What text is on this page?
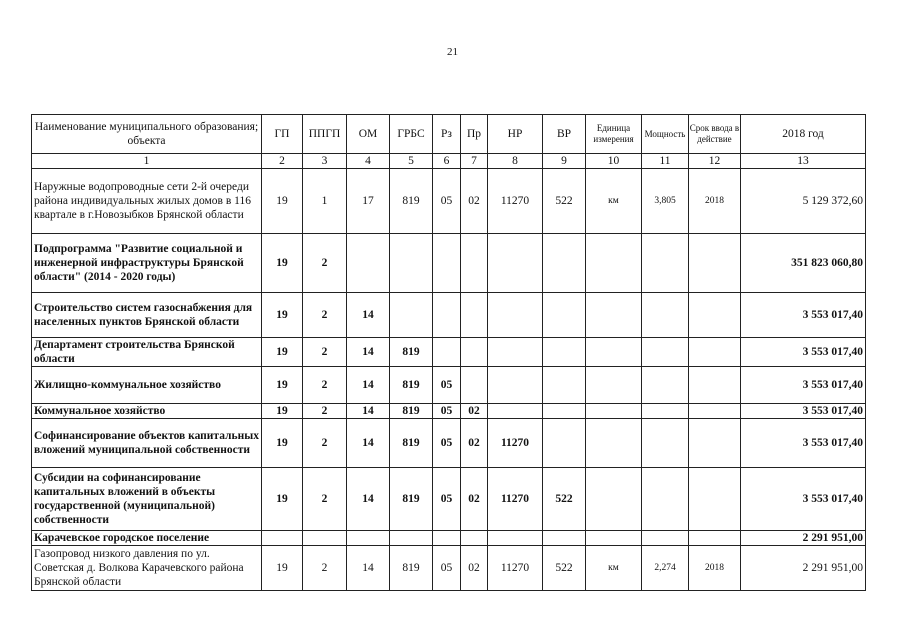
21
Наименование муниципального образования; объекта	ГП	ППГП	ОМ	ГРБС	Рз	Пр	НР	ВР	Единица измерения	Мощность	Срок ввода в действие	2018 год
1	2	3	4	5	6	7	8	9	10	11	12	13
Наружные водопроводные сети 2-й очереди района индивидуальных жилых домов в 116 квартале в г.Новозыбков Брянской области	19	1	17	819	05	02	11270	522	км	3,805	2018	5 129 372,60
Подпрограмма "Развитие социальной и инженерной инфраструктуры Брянской области" (2014 - 2020 годы)	19	2										351 823 060,80
Строительство систем газоснабжения для населенных пунктов Брянской области	19	2	14									3 553 017,40
Департамент строительства Брянской области	19	2	14	819								3 553 017,40
Жилищно-коммунальное хозяйство	19	2	14	819	05							3 553 017,40
Коммунальное хозяйство	19	2	14	819	05	02						3 553 017,40
Софинансирование объектов капитальных вложений муниципальной собственности	19	2	14	819	05	02	11270					3 553 017,40
Субсидии на софинансирование капитальных вложений в объекты государственной (муниципальной) собственности	19	2	14	819	05	02	11270	522				3 553 017,40
Карачевское городское поселение												2 291 951,00
Газопровод низкого давления по ул. Советская д. Волкова Карачевского района Брянской области	19	2	14	819	05	02	11270	522	км	2,274	2018	2 291 951,00
